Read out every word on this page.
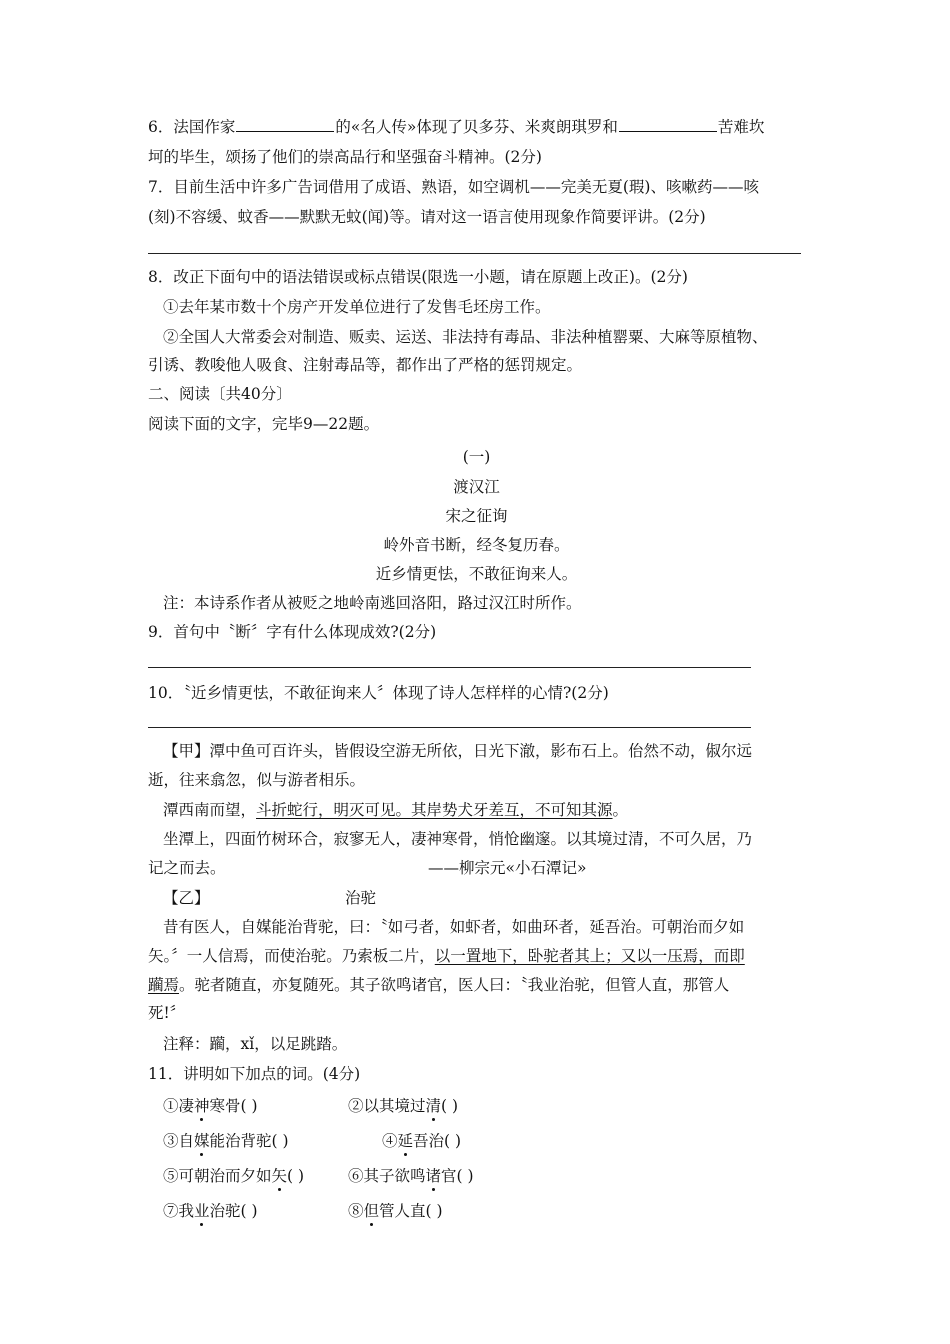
6．法国作家	的«名人传»体现了贝多芬、米爽朗琪罗和	苦难坎
坷的毕生，颂扬了他们的崇高品行和坚强奋斗精神。(2分)
7．目前生活中许多广告词借用了成语、熟语，如空调机——完美无夏(瑕)、咳嗽药——咳
(刻)不容缓、蚊香——默默无蚊(闻)等。请对这一语言使用现象作简要评讲。(2分)
8．改正下面句中的语法错误或标点错误(限选一小题，请在原题上改正)。(2分)
①去年某市数十个房产开发单位进行了发售毛坯房工作。
②全国人大常委会对制造、贩卖、运送、非法持有毒品、非法种植罂粟、大麻等原植物、
引诱、教唆他人吸食、注射毒品等，都作出了严格的惩罚规定。
二、阅读〔共40分〕
阅读下面的文字，完毕9—22题。
(一)
渡汉江
宋之征询
岭外音书断，经冬复历春。
近乡情更怯，不敢征询来人。
注：本诗系作者从被贬之地岭南逃回洛阳，路过汉江时所作。
9．首句中〝断〞字有什么体现成效?(2分)
10．〝近乡情更怯，不敢征询来人〞体现了诗人怎样样的心情?(2分)
【甲】潭中鱼可百许头，皆假设空游无所依，日光下澈，影布石上。佁然不动，俶尔远
逝，往来翕忽，似与游者相乐。
潭西南而望，斗折蛇行，明灭可见。其岸势犬牙差互，不可知其源。
坐潭上，四面竹树环合，寂寥无人，凄神寒骨，悄怆幽邃。以其境过清，不可久居，乃
记之而去。	——柳宗元«小石潭记»
【乙】	治驼
昔有医人，自媒能治背驼，曰：〝如弓者，如虾者，如曲环者，延吾治。可朝治而夕如
矢。〞一人信焉，而使治驼。乃索板二片，以一置地下，卧驼者其上；又以一压焉，而即
躏焉。驼者随直，亦复随死。其子欲鸣诸官，医人曰：〝我业治驼，但管人直，那管人
死!〞
注释：躏，xǐ，以足跳踏。
11．讲明如下加点的词。(4分)
①凄神寒骨( )	②以其境过清( )
③自媒能治背驼( )	④延吾治( )
⑤可朝治而夕如矢( )	⑥其子欲鸣诸官( )
⑦我业治驼( )	⑧但管人直( )
